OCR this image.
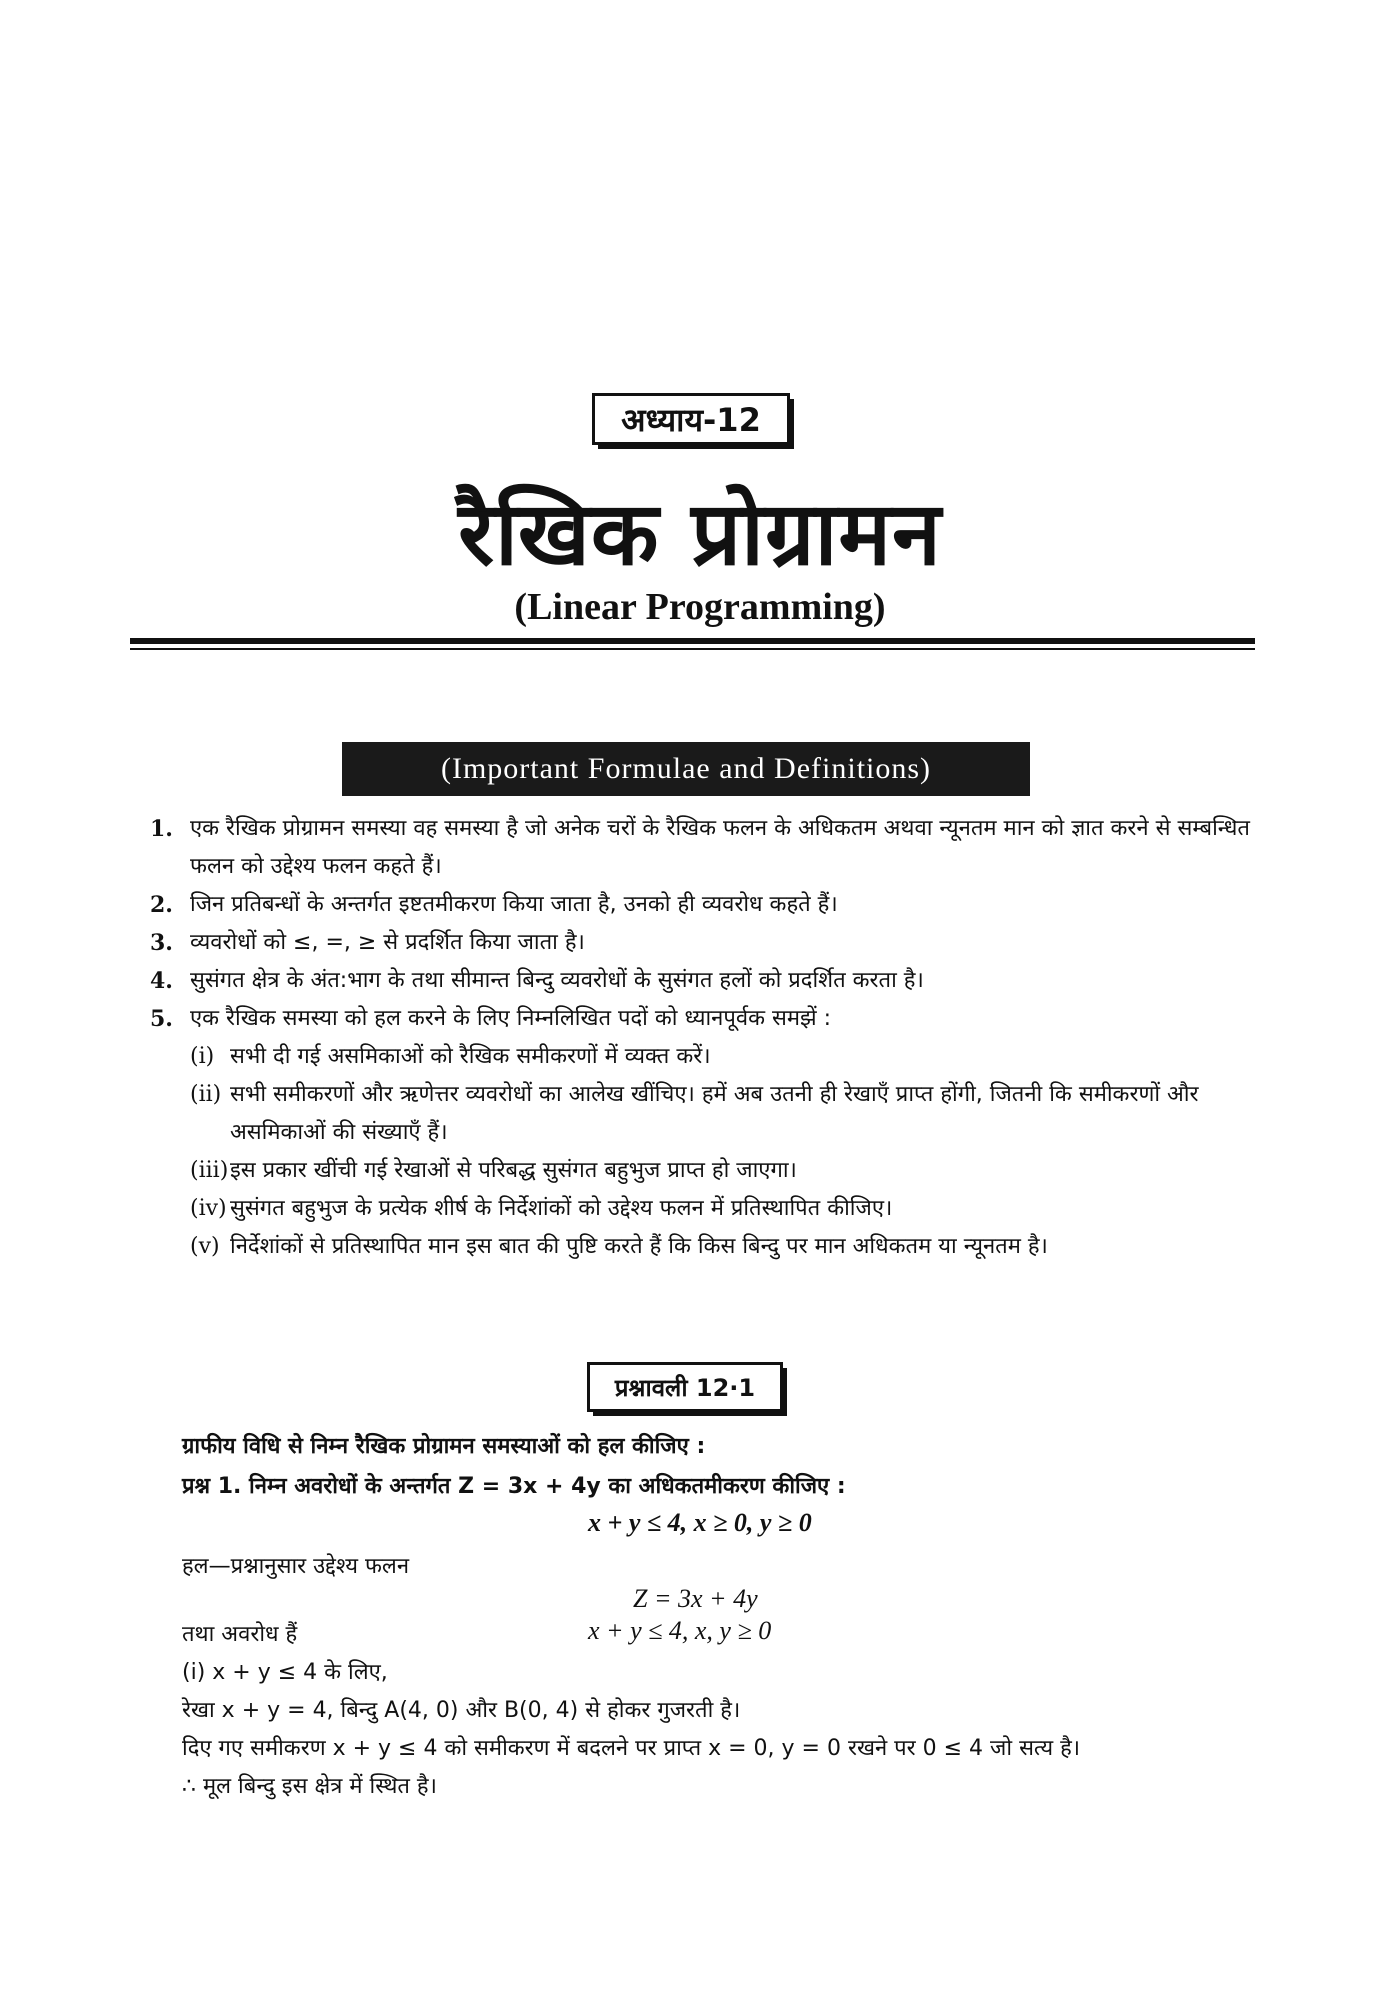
अध्याय-12
रैखिक प्रोग्रामन
(Linear Programming)
(Important Formulae and Definitions)
1. एक रैखिक प्रोग्रामन समस्या वह समस्या है जो अनेक चरों के रैखिक फलन के अधिकतम अथवा न्यूनतम मान को ज्ञात करने से सम्बन्धित फलन को उद्देश्य फलन कहते हैं।
2. जिन प्रतिबन्धों के अन्तर्गत इष्टतमीकरण किया जाता है, उनको ही व्यवरोध कहते हैं।
3. व्यवरोधों को ≤, =, ≥ से प्रदर्शित किया जाता है।
4. सुसंगत क्षेत्र के अंत:भाग के तथा सीमान्त बिन्दु व्यवरोधों के सुसंगत हलों को प्रदर्शित करता है।
5. एक रैखिक समस्या को हल करने के लिए निम्नलिखित पदों को ध्यानपूर्वक समझें :
(i) सभी दी गई असमिकाओं को रैखिक समीकरणों में व्यक्त करें।
(ii) सभी समीकरणों और ऋणेत्तर व्यवरोधों का आलेख खींचिए। हमें अब उतनी ही रेखाएँ प्राप्त होंगी, जितनी कि समीकरणों और असमिकाओं की संख्याएँ हैं।
(iii) इस प्रकार खींची गई रेखाओं से परिबद्ध सुसंगत बहुभुज प्राप्त हो जाएगा।
(iv) सुसंगत बहुभुज के प्रत्येक शीर्ष के निर्देशांकों को उद्देश्य फलन में प्रतिस्थापित कीजिए।
(v) निर्देशांकों से प्रतिस्थापित मान इस बात की पुष्टि करते हैं कि किस बिन्दु पर मान अधिकतम या न्यूनतम है।
प्रश्नावली 12·1
ग्राफीय विधि से निम्न रैखिक प्रोग्रामन समस्याओं को हल कीजिए :
प्रश्न 1. निम्न अवरोधों के अन्तर्गत Z = 3x + 4y का अधिकतमीकरण कीजिए :
x + y ≤ 4, x ≥ 0, y ≥ 0
हल—प्रश्नानुसार उद्देश्य फलन
Z = 3x + 4y
तथा अवरोध हैं	x + y ≤ 4, x, y ≥ 0
(i) x + y ≤ 4 के लिए,
रेखा x + y = 4, बिन्दु A(4, 0) और B(0, 4) से होकर गुजरती है।
दिए गए समीकरण x + y ≤ 4 को समीकरण में बदलने पर प्राप्त x = 0, y = 0 रखने पर 0 ≤ 4 जो सत्य है।
∴ मूल बिन्दु इस क्षेत्र में स्थित है।
